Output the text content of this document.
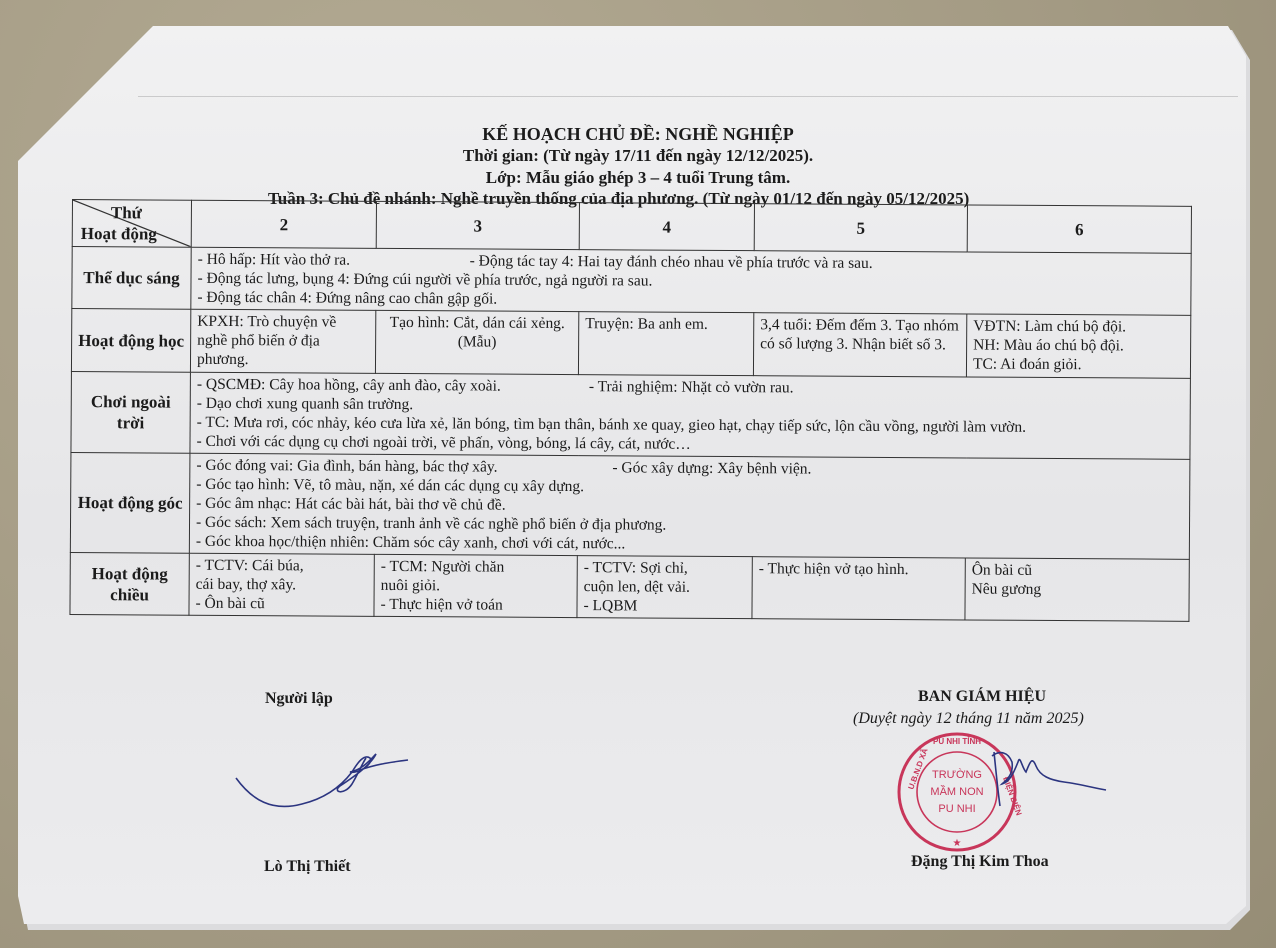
KẾ HOẠCH CHỦ ĐỀ: NGHỀ NGHIỆP
Thời gian: (Từ ngày 17/11 đến ngày 12/12/2025).
Lớp: Mẫu giáo ghép 3 – 4 tuổi Trung tâm.
Tuần 3: Chủ đề nhánh: Nghề truyền thống của địa phương. (Từ ngày 01/12 đến ngày 05/12/2025)
Thứ
Hoạt động	2	3	4	5	6
Thể dục sáng	- Hô hấp: Hít vào thở ra. - Động tác tay 4: Hai tay đánh chéo nhau về phía trước và ra sau.
- Động tác lưng, bụng 4: Đứng cúi người về phía trước, ngả người ra sau.
- Động tác chân 4: Đứng nâng cao chân gập gối.				

Hoạt động học	KPXH: Trò chuyện về nghề phổ biến ở địa phương.	Tạo hình: Cắt, dán cái xẻng. (Mẫu)	Truyện: Ba anh em.	3,4 tuổi: Đếm đếm 3. Tạo nhóm có số lượng 3. Nhận biết số 3.	VĐTN: Làm chú bộ đội.
NH: Màu áo chú bộ đội.
TC: Ai đoán giỏi.

Chơi ngoài trời	- QSCMĐ: Cây hoa hồng, cây anh đào, cây xoài. - Trải nghiệm: Nhặt cỏ vườn rau.
- Dạo chơi xung quanh sân trường.
- TC: Mưa rơi, cóc nhảy, kéo cưa lừa xẻ, lăn bóng, tìm bạn thân, bánh xe quay, gieo hạt, chạy tiếp sức, lộn cầu vồng, người làm vườn.
- Chơi với các dụng cụ chơi ngoài trời, vẽ phấn, vòng, bóng, lá cây, cát, nước…				

Hoạt động góc	- Góc đóng vai: Gia đình, bán hàng, bác thợ xây. - Góc xây dựng: Xây bệnh viện.
- Góc tạo hình: Vẽ, tô màu, nặn, xé dán các dụng cụ xây dựng.
- Góc âm nhạc: Hát các bài hát, bài thơ về chủ đề.
- Góc sách: Xem sách truyện, tranh ảnh về các nghề phổ biến ở địa phương.
- Góc khoa học/thiện nhiên: Chăm sóc cây xanh, chơi với cát, nước...				

Hoạt động chiều	- TCTV: Cái búa,
cái bay, thợ xây.
- Ôn bài cũ	- TCM: Người chăn
nuôi giỏi.
- Thực hiện vở toán	- TCTV: Sợi chỉ,
cuộn len, dệt vải.
- LQBM	- Thực hiện vở tạo hình.	Ôn bài cũ
Nêu gương
Người lập
Lò Thị Thiết
BAN GIÁM HIỆU
(Duyệt ngày 12 tháng 11 năm 2025)
PU NHI TỈNH
U.B.N.D XÃ
ĐIỆN BIÊN
TRƯỜNG
MẦM NON
PU NHI
★
Đặng Thị Kim Thoa
